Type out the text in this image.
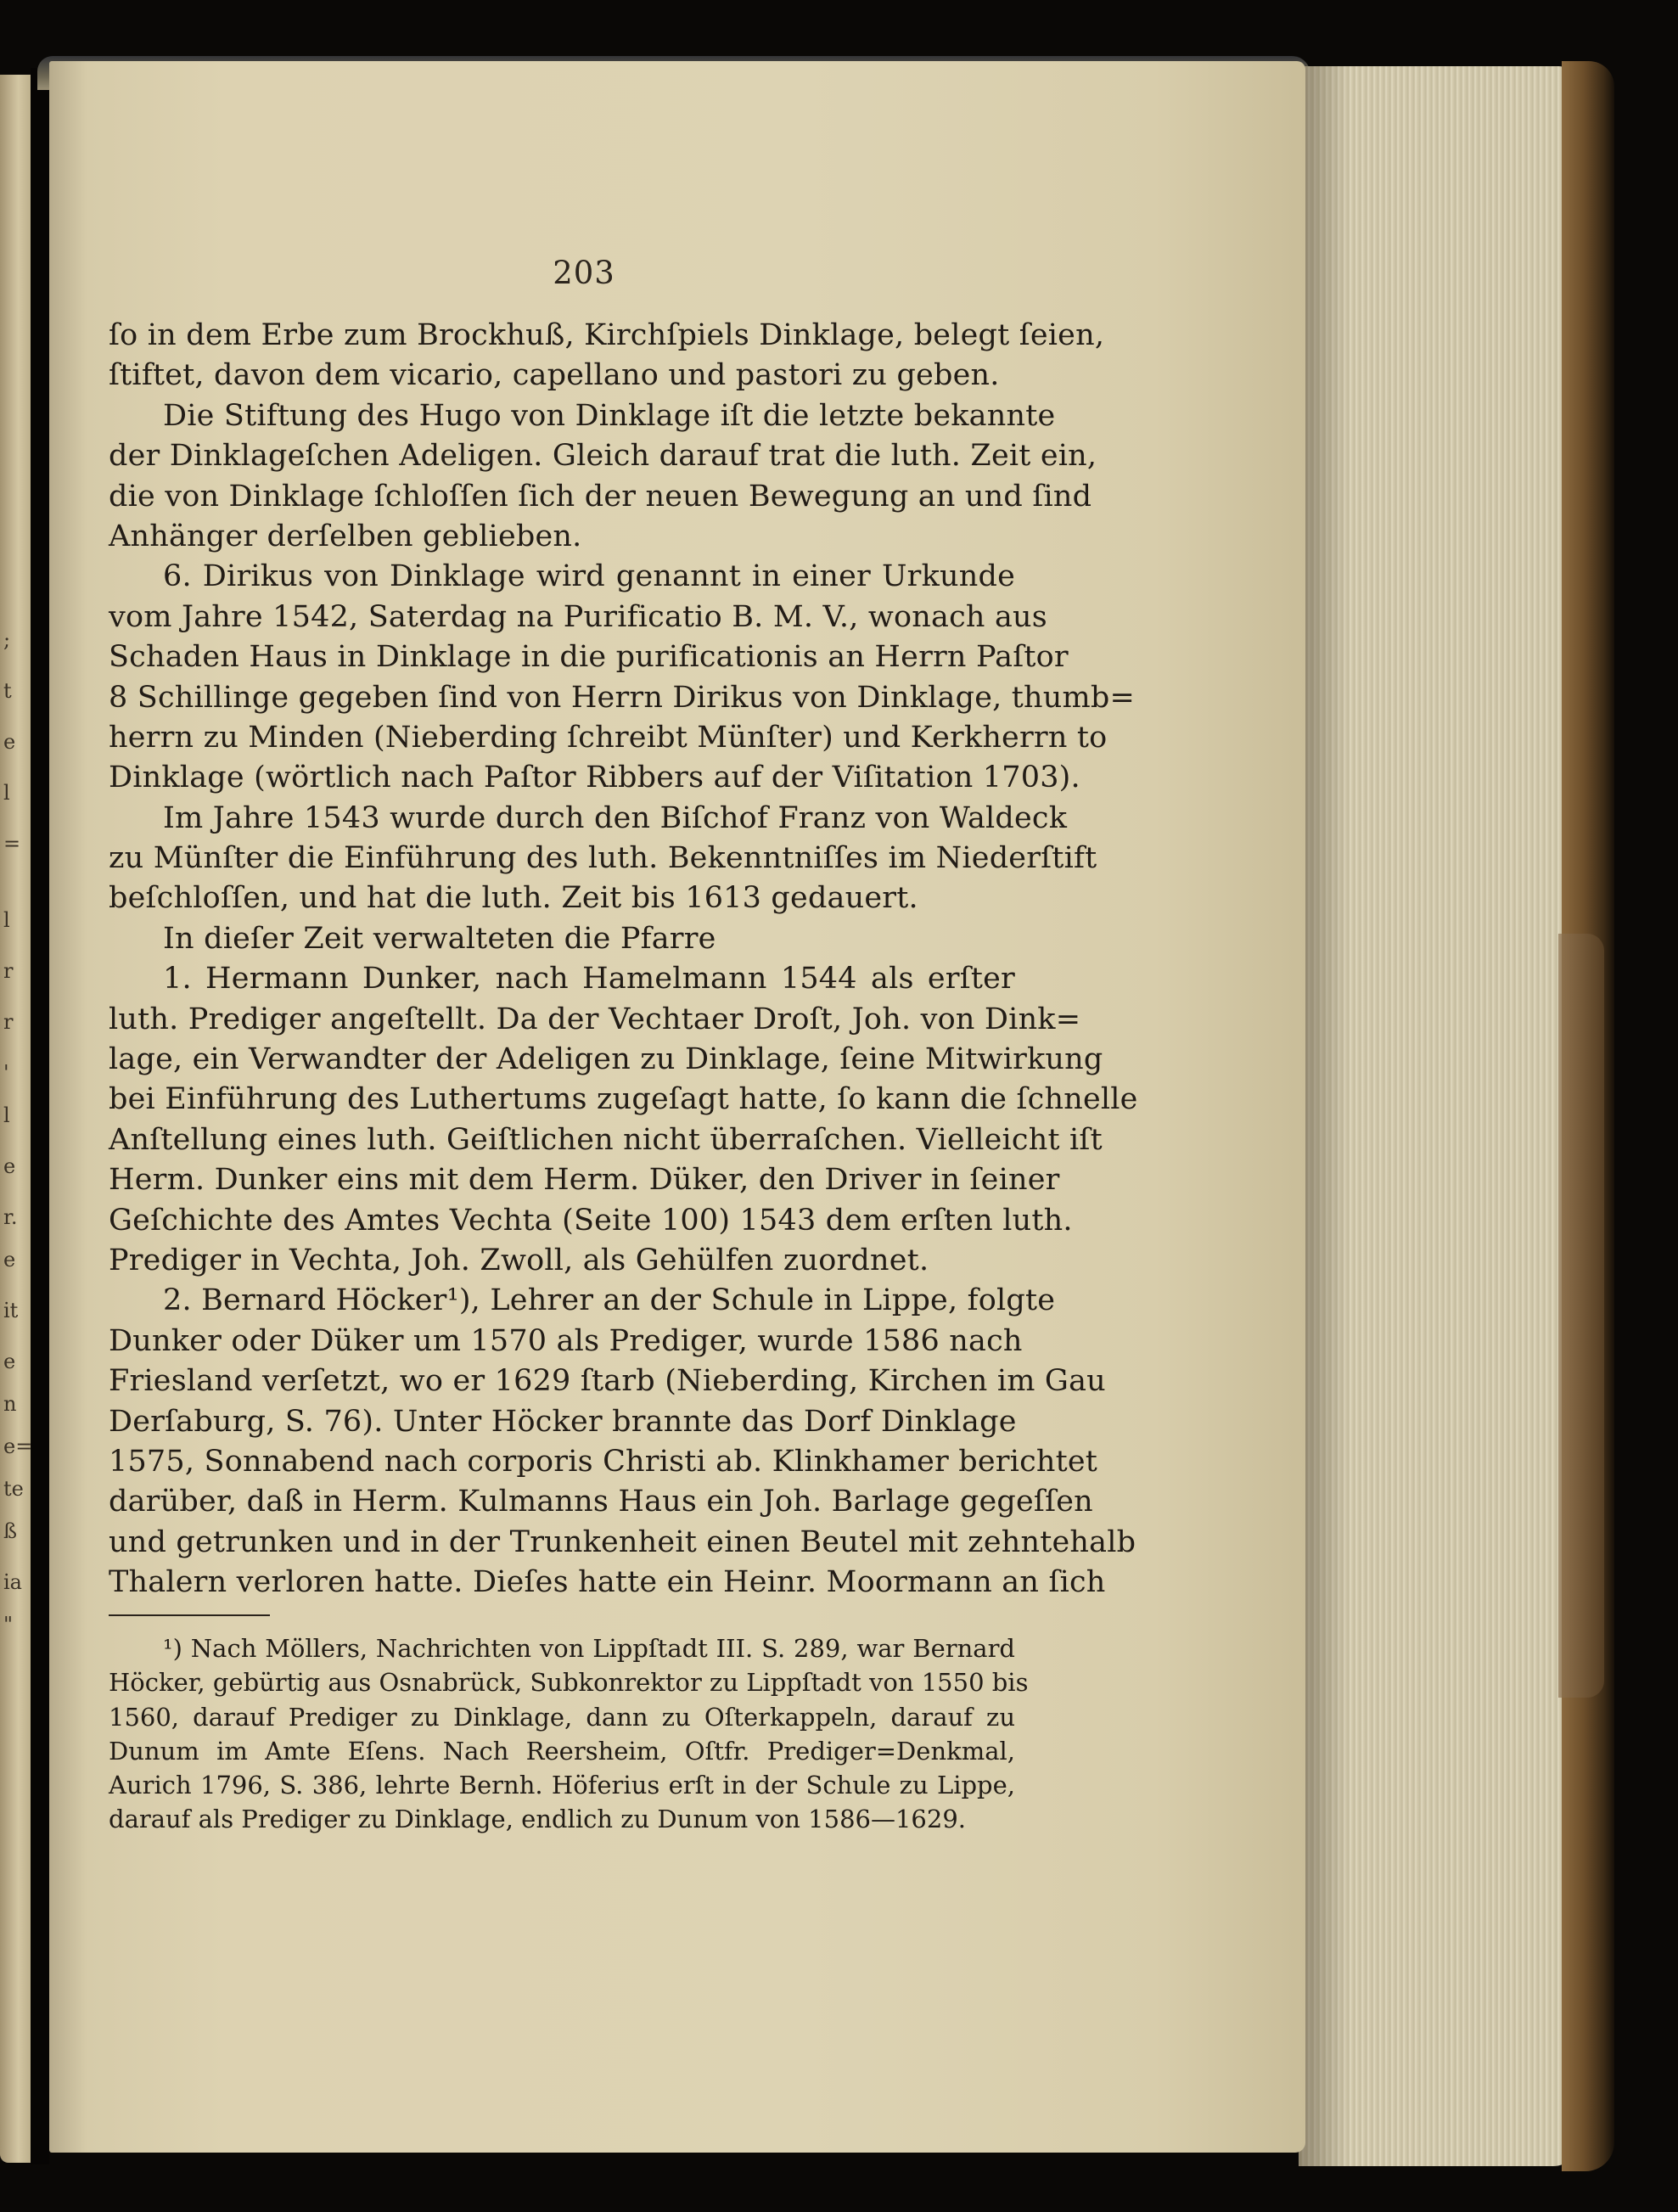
;
t
e
l
=
l
r
r
'
l
e
r.
e
it
e
n
e=
te
ß
ia
"
203
ſo in dem Erbe zum Brockhuß, Kirchſpiels Dinklage, belegt ſeien,
ſtiftet, davon dem vicario, capellano und pastori zu geben.
Die Stiftung des Hugo von Dinklage iſt die letzte bekannte
der Dinklageſchen Adeligen. Gleich darauf trat die luth. Zeit ein,
die von Dinklage ſchloſſen ſich der neuen Bewegung an und ſind
Anhänger derſelben geblieben.
6. Dirikus von Dinklage wird genannt in einer Urkunde
vom Jahre 1542, Saterdag na Purificatio B. M. V., wonach aus
Schaden Haus in Dinklage in die purificationis an Herrn Paſtor
8 Schillinge gegeben ſind von Herrn Dirikus von Dinklage, thumb=
herrn zu Minden (Nieberding ſchreibt Münſter) und Kerkherrn to
Dinklage (wörtlich nach Paſtor Ribbers auf der Viſitation 1703).
Im Jahre 1543 wurde durch den Biſchof Franz von Waldeck
zu Münſter die Einführung des luth. Bekenntniſſes im Niederſtift
beſchloſſen, und hat die luth. Zeit bis 1613 gedauert.
In dieſer Zeit verwalteten die Pfarre
1. Hermann Dunker, nach Hamelmann 1544 als erſter
luth. Prediger angeſtellt. Da der Vechtaer Droſt, Joh. von Dink=
lage, ein Verwandter der Adeligen zu Dinklage, ſeine Mitwirkung
bei Einführung des Luthertums zugeſagt hatte, ſo kann die ſchnelle
Anſtellung eines luth. Geiſtlichen nicht überraſchen. Vielleicht iſt
Herm. Dunker eins mit dem Herm. Düker, den Driver in ſeiner
Geſchichte des Amtes Vechta (Seite 100) 1543 dem erſten luth.
Prediger in Vechta, Joh. Zwoll, als Gehülfen zuordnet.
2. Bernard Höcker¹), Lehrer an der Schule in Lippe, folgte
Dunker oder Düker um 1570 als Prediger, wurde 1586 nach
Friesland verſetzt, wo er 1629 ſtarb (Nieberding, Kirchen im Gau
Derſaburg, S. 76). Unter Höcker brannte das Dorf Dinklage
1575, Sonnabend nach corporis Christi ab. Klinkhamer berichtet
darüber, daß in Herm. Kulmanns Haus ein Joh. Barlage gegeſſen
und getrunken und in der Trunkenheit einen Beutel mit zehntehalb
Thalern verloren hatte. Dieſes hatte ein Heinr. Moormann an ſich
¹) Nach Möllers, Nachrichten von Lippſtadt III. S. 289, war Bernard
Höcker, gebürtig aus Osnabrück, Subkonrektor zu Lippſtadt von 1550 bis
1560, darauf Prediger zu Dinklage, dann zu Oſterkappeln, darauf zu
Dunum im Amte Eſens. Nach Reersheim, Oſtfr. Prediger=Denkmal,
Aurich 1796, S. 386, lehrte Bernh. Höferius erſt in der Schule zu Lippe,
darauf als Prediger zu Dinklage, endlich zu Dunum von 1586—1629.
